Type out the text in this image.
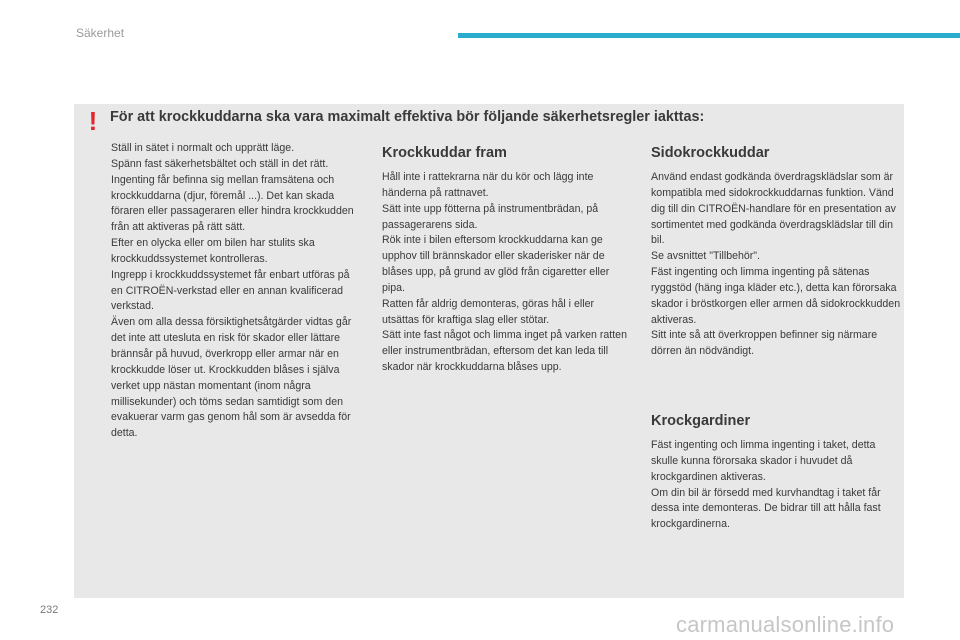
Säkerhet
! För att krockkuddarna ska vara maximalt effektiva bör följande säkerhetsregler iakttas:

Ställ in sätet i normalt och upprätt läge.

Spänn fast säkerhetsbältet och ställ in det rätt.

Ingenting får befinna sig mellan framsätena och krockkuddarna (djur, föremål ...). Det kan skada föraren eller passageraren eller hindra krockkudden från att aktiveras på rätt sätt.

Efter en olycka eller om bilen har stulits ska krockkuddssystemet kontrolleras.

Ingrepp i krockkuddssystemet får enbart utföras på en CITROËN-verkstad eller en annan kvalificerad verkstad.

Även om alla dessa försiktighetsåtgärder vidtas går det inte att utesluta en risk för skador eller lättare brännsår på huvud, överkropp eller armar när en krockkudde löser ut. Krockkudden blåses i själva verket upp nästan momentant (inom några millisekunder) och töms sedan samtidigt som den evakuerar varm gas genom hål som är avsedda för detta.

Krockkuddar fram

Håll inte i rattekrarna när du kör och lägg inte händerna på rattnavet.

Sätt inte upp fötterna på instrumentbrädan, på passagerarens sida.

Rök inte i bilen eftersom krockkuddarna kan ge upphov till brännskador eller skaderisker när de blåses upp, på grund av glöd från cigaretter eller pipa.

Ratten får aldrig demonteras, göras hål i eller utsättas för kraftiga slag eller stötar.

Sätt inte fast något och limma inget på varken ratten eller instrumentbrädan, eftersom det kan leda till skador när krockkuddarna blåses upp.

Sidokrockkuddar

Använd endast godkända överdragsklädslar som är kompatibla med sidokrockkuddarnas funktion. Vänd dig till din CITROËN-handlare för en presentation av sortimentet med godkända överdragsklädslar till din bil.

Se avsnittet "Tillbehör".

Fäst ingenting och limma ingenting på sätenas ryggstöd (häng inga kläder etc.), detta kan förorsaka skador i bröstkorgen eller armen då sidokrockkudden aktiveras.

Sitt inte så att överkroppen befinner sig närmare dörren än nödvändigt.

Krockgardiner

Fäst ingenting och limma ingenting i taket, detta skulle kunna förorsaka skador i huvudet då krockgardinen aktiveras.

Om din bil är försedd med kurvhandtag i taket får dessa inte demonteras. De bidrar till att hålla fast krockgardinerna.

232
carmanualsonline.info
